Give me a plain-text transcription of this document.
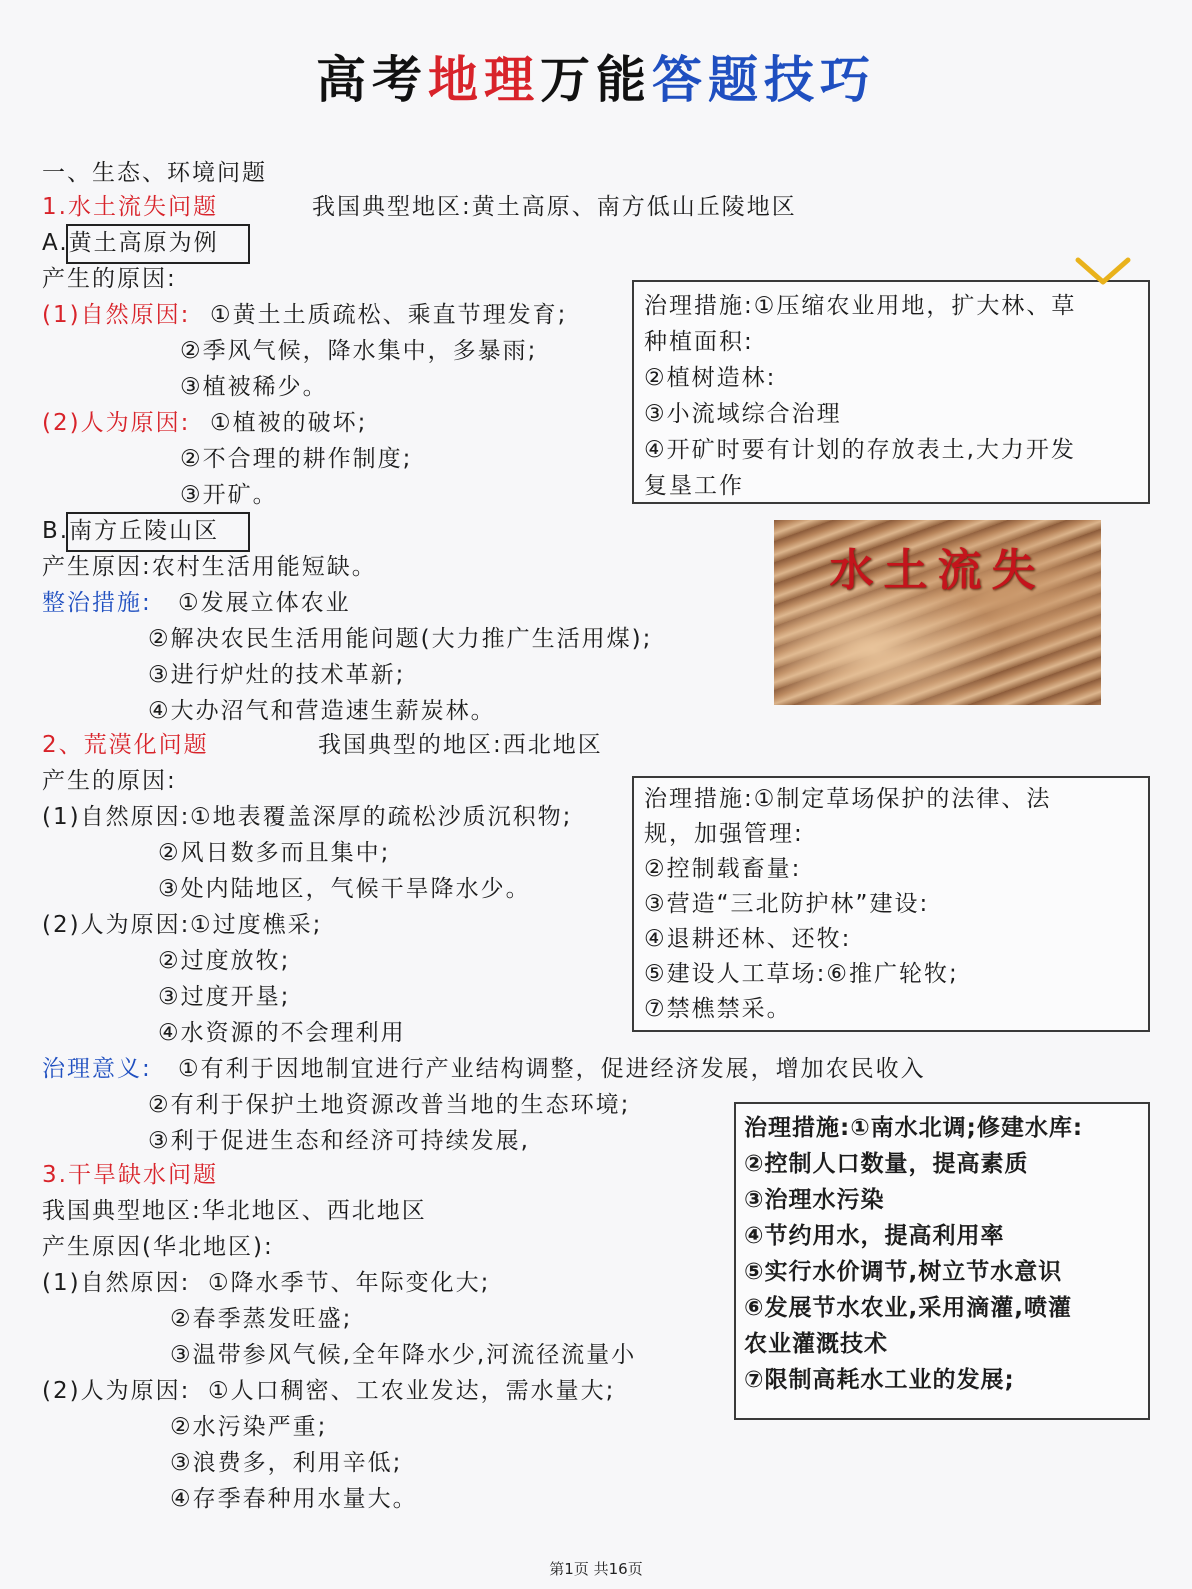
高考地理万能答题技巧
一、生态、环境问题
1.水土流失问题	我国典型地区:黄土高原、南方低山丘陵地区
A.黄土高原为例
产生的原因:
(1)自然原因: ①黄土土质疏松、乘直节理发育;
②季风气候，降水集中，多暴雨;
③植被稀少。
(2)人为原因: ①植被的破坏;
②不合理的耕作制度;
③开矿。
治理措施:①压缩农业用地，扩大林、草
种植面积:
②植树造林:
③小流域综合治理
④开矿时要有计划的存放表土,大力开发
复垦工作
B.南方丘陵山区
产生原因:农村生活用能短缺。
整治措施: ①发展立体农业
②解决农民生活用能问题(大力推广生活用煤);
③进行炉灶的技术革新;
④大办沼气和营造速生薪炭林。
水土流失
2、荒漠化问题	我国典型的地区:西北地区
产生的原因:
(1)自然原因: ①地表覆盖深厚的疏松沙质沉积物;
②风日数多而且集中;
③处内陆地区，气候干旱降水少。
(2)人为原因: ①过度樵采;
②过度放牧;
③过度开垦;
④水资源的不会理利用
治理措施:①制定草场保护的法律、法
规，加强管理:
②控制载畜量:
③营造“三北防护林”建设:
④退耕还林、还牧:
⑤建设人工草场:⑥推广轮牧;
⑦禁樵禁采。
治理意义: ①有利于因地制宜进行产业结构调整，促进经济发展，增加农民收入
②有利于保护土地资源改普当地的生态环境;
③利于促进生态和经济可持续发展,
3.干旱缺水问题
我国典型地区:华北地区、西北地区
产生原因(华北地区):
(1)自然原因: ①降水季节、年际变化大;
②春季蒸发旺盛;
③温带参风气候,全年降水少,河流径流量小
(2)人为原因: ①人口稠密、工农业发达，需水量大;
②水污染严重;
③浪费多，利用辛低;
④存季春种用水量大。
治理措施:①南水北调;修建水库:
②控制人口数量，提高素质
③治理水污染
④节约用水，提高利用率
⑤实行水价调节,树立节水意识
⑥发展节水农业,采用滴灌,喷灌
农业灌溉技术
⑦限制高耗水工业的发展;
第1页 共16页
